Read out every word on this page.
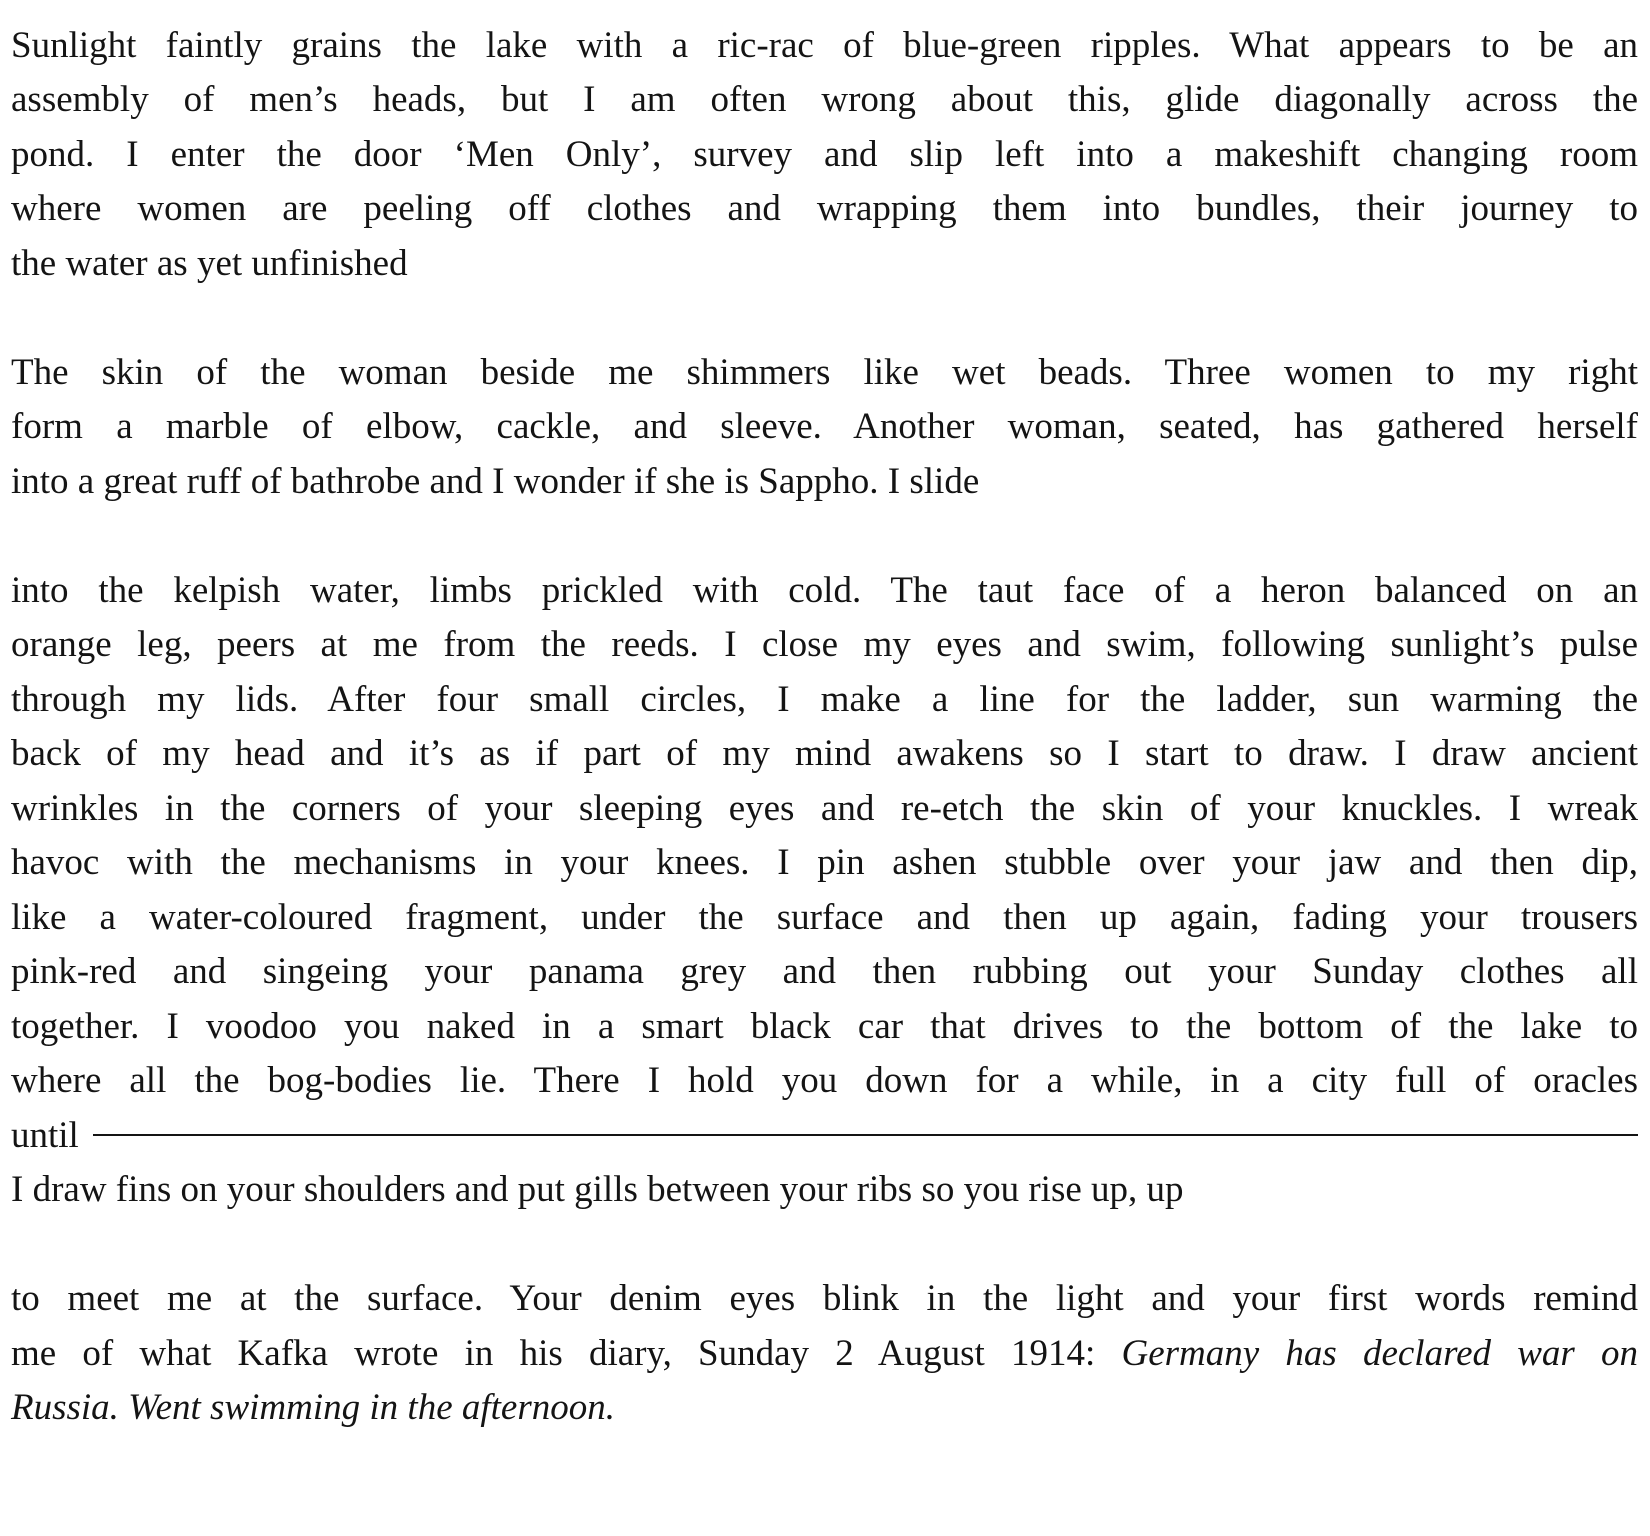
Sunlight faintly grains the lake with a ric-rac of blue-green ripples. What appears to be an
assembly of men’s heads, but I am often wrong about this, glide diagonally across the
pond. I enter the door ‘Men Only’, survey and slip left into a makeshift changing room
where women are peeling off clothes and wrapping them into bundles, their journey to
the water as yet unfinished
The skin of the woman beside me shimmers like wet beads. Three women to my right
form a marble of elbow, cackle, and sleeve. Another woman, seated, has gathered herself
into a great ruff of bathrobe and I wonder if she is Sappho. I slide
into the kelpish water, limbs prickled with cold. The taut face of a heron balanced on an
orange leg, peers at me from the reeds. I close my eyes and swim, following sunlight’s pulse
through my lids. After four small circles, I make a line for the ladder, sun warming the
back of my head and it’s as if part of my mind awakens so I start to draw. I draw ancient
wrinkles in the corners of your sleeping eyes and re-etch the skin of your knuckles. I wreak
havoc with the mechanisms in your knees. I pin ashen stubble over your jaw and then dip,
like a water-coloured fragment, under the surface and then up again, fading your trousers
pink-red and singeing your panama grey and then rubbing out your Sunday clothes all
together. I voodoo you naked in a smart black car that drives to the bottom of the lake to
where all the bog-bodies lie. There I hold you down for a while, in a city full of oracles
until
I draw fins on your shoulders and put gills between your ribs so you rise up, up
to meet me at the surface. Your denim eyes blink in the light and your first words remind
me of what Kafka wrote in his diary, Sunday 2 August 1914: Germany has declared war on
Russia. Went swimming in the afternoon.
